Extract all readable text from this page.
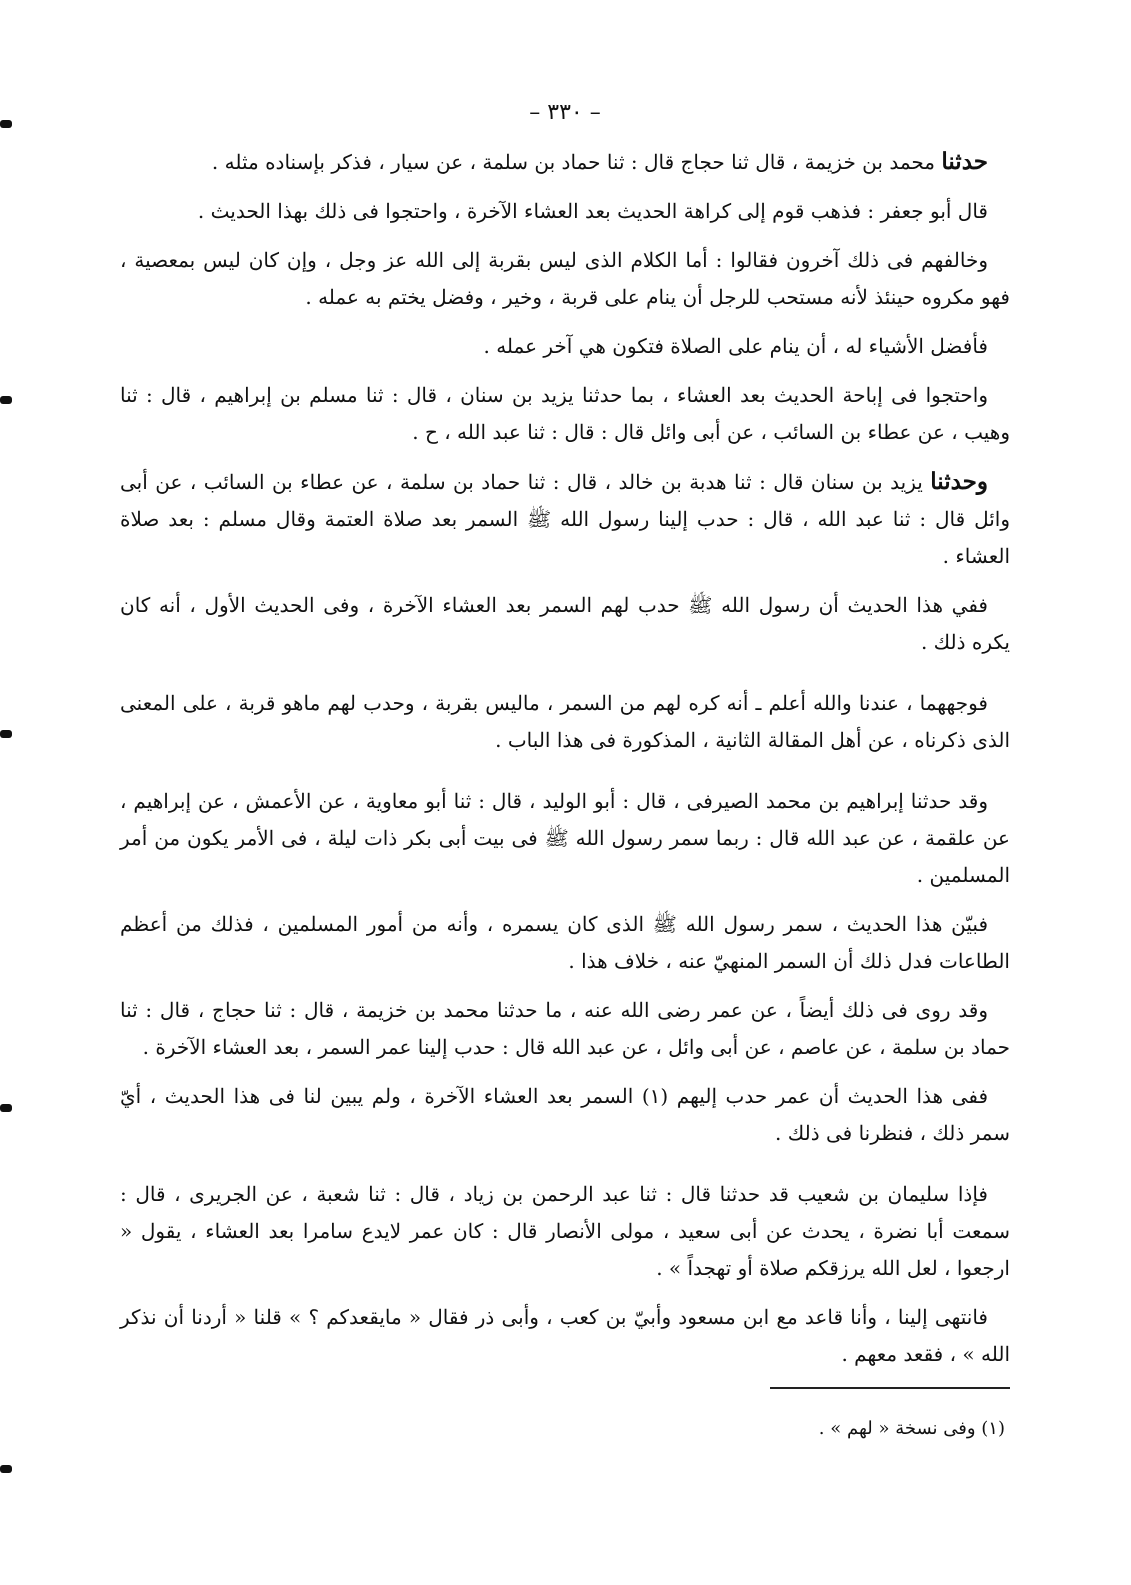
– ٣٣٠ –

حدثنا محمد بن خزيمة ، قال ثنا حجاج قال : ثنا حماد بن سلمة ، عن سيار ، فذكر بإسناده مثله .

قال أبو جعفر : فذهب قوم إلى كراهة الحديث بعد العشاء الآخرة ، واحتجوا فى ذلك بهذا الحديث .

وخالفهم فى ذلك آخرون فقالوا : أما الكلام الذى ليس بقربة إلى الله عز وجل ، وإن كان ليس بمعصية ، فهو مكروه حينئذ لأنه مستحب للرجل أن ينام على قربة ، وخير ، وفضل يختم به عمله .

فأفضل الأشياء له ، أن ينام على الصلاة فتكون هي آخر عمله .

واحتجوا فى إباحة الحديث بعد العشاء ، بما حدثنا يزيد بن سنان ، قال : ثنا مسلم بن إبراهيم ، قال : ثنا وهيب ، عن عطاء بن السائب ، عن أبى وائل قال : قال : ثنا عبد الله ، ح .

وحدثنا يزيد بن سنان قال : ثنا هدبة بن خالد ، قال : ثنا حماد بن سلمة ، عن عطاء بن السائب ، عن أبى وائل قال : ثنا عبد الله ، قال : حدب إلينا رسول الله ﷺ السمر بعد صلاة العتمة وقال مسلم : بعد صلاة العشاء .

ففي هذا الحديث أن رسول الله ﷺ حدب لهم السمر بعد العشاء الآخرة ، وفى الحديث الأول ، أنه كان يكره ذلك .

فوجههما ، عندنا والله أعلم ـ أنه كره لهم من السمر ، ماليس بقربة ، وحدب لهم ماهو قربة ، على المعنى الذى ذكرناه ، عن أهل المقالة الثانية ، المذكورة فى هذا الباب .

وقد حدثنا إبراهيم بن محمد الصيرفى ، قال : أبو الوليد ، قال : ثنا أبو معاوية ، عن الأعمش ، عن إبراهيم ، عن علقمة ، عن عبد الله قال : ربما سمر رسول الله ﷺ فى بيت أبى بكر ذات ليلة ، فى الأمر يكون من أمر المسلمين .

فبيّن هذا الحديث ، سمر رسول الله ﷺ الذى كان يسمره ، وأنه من أمور المسلمين ، فذلك من أعظم الطاعات فدل ذلك أن السمر المنهيّ عنه ، خلاف هذا .

وقد روى فى ذلك أيضاً ، عن عمر رضى الله عنه ، ما حدثنا محمد بن خزيمة ، قال : ثنا حجاج ، قال : ثنا حماد بن سلمة ، عن عاصم ، عن أبى وائل ، عن عبد الله قال : حدب إلينا عمر السمر ، بعد العشاء الآخرة .

ففى هذا الحديث أن عمر حدب إليهم (١) السمر بعد العشاء الآخرة ، ولم يبين لنا فى هذا الحديث ، أيّ سمر ذلك ، فنظرنا فى ذلك .

فإذا سليمان بن شعيب قد حدثنا قال : ثنا عبد الرحمن بن زياد ، قال : ثنا شعبة ، عن الجريرى ، قال : سمعت أبا نضرة ، يحدث عن أبى سعيد ، مولى الأنصار قال : كان عمر لايدع سامرا بعد العشاء ، يقول « ارجعوا ، لعل الله يرزقكم صلاة أو تهجداً » .

فانتهى إلينا ، وأنا قاعد مع ابن مسعود وأبيّ بن كعب ، وأبى ذر فقال « مايقعدكم ؟ » قلنا « أردنا أن نذكر الله » ، فقعد معهم .

(١) وفى نسخة « لهم » .
